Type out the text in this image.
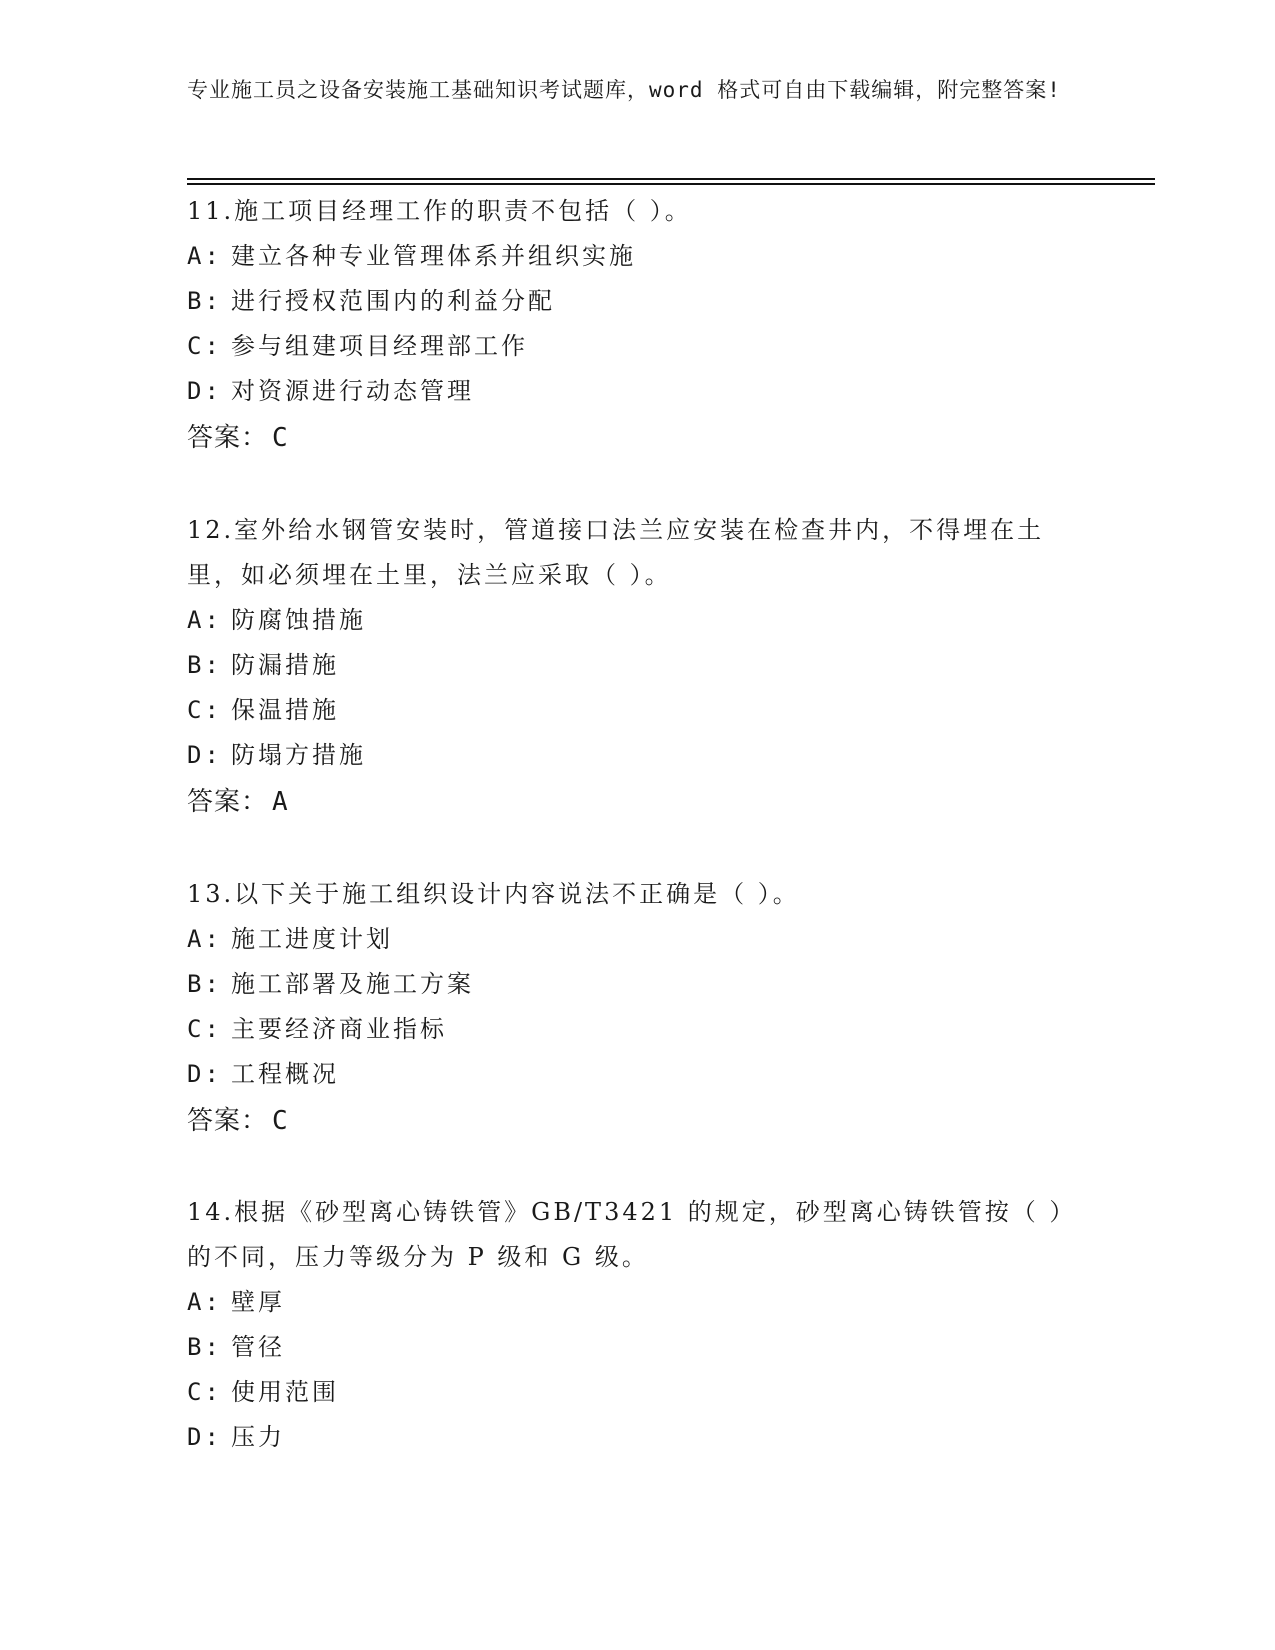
专业施工员之设备安装施工基础知识考试题库，word 格式可自由下载编辑，附完整答案!

11.施工项目经理工作的职责不包括（ ）。

A: 建立各种专业管理体系并组织实施
B: 进行授权范围内的利益分配
C: 参与组建项目经理部工作
D: 对资源进行动态管理
答案： C

12.室外给水钢管安装时，管道接口法兰应安装在检查井内，不得埋在土里，如必须埋在土里，法兰应采取（ ）。

A: 防腐蚀措施
B: 防漏措施
C: 保温措施
D: 防塌方措施
答案： A

13.以下关于施工组织设计内容说法不正确是（ ）。

A: 施工进度计划
B: 施工部署及施工方案
C: 主要经济商业指标
D: 工程概况
答案： C

14.根据《砂型离心铸铁管》GB/T3421 的规定，砂型离心铸铁管按（ ）的不同，压力等级分为 P 级和 G 级。

A: 壁厚
B: 管径
C: 使用范围
D: 压力
